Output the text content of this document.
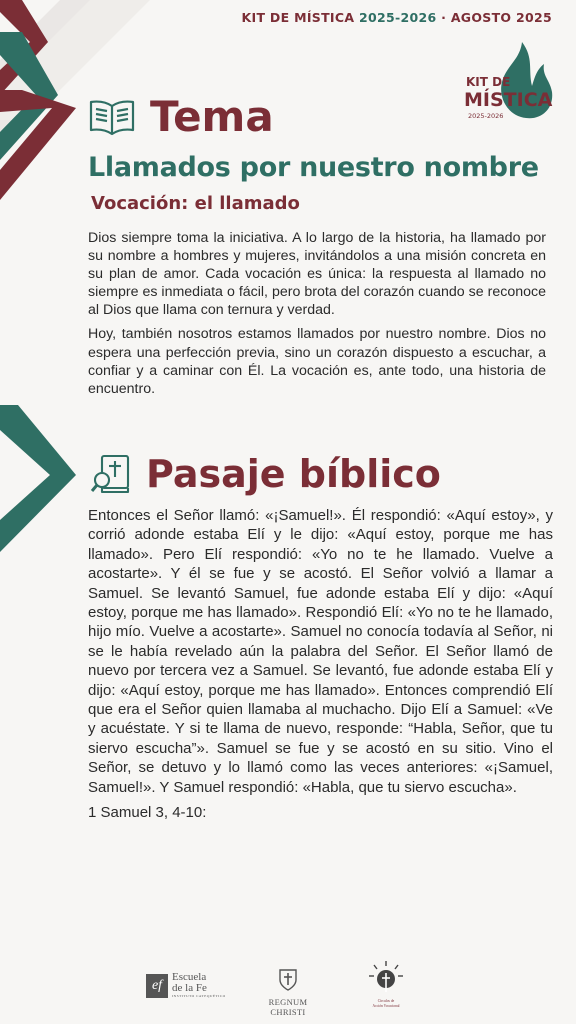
KIT DE MÍSTICA 2025-2026 · AGOSTO 2025
KIT DE
MÍSTICA
2025-2026
Tema
Llamados por nuestro nombre
Vocación: el llamado

Dios siempre toma la iniciativa. A lo largo de la historia, ha llamado por su nombre a hombres y mujeres, invitándolos a una misión concreta en su plan de amor. Cada vocación es única: la respuesta al llamado no siempre es inmediata o fácil, pero brota del corazón cuando se reconoce al Dios que llama con ternura y verdad.

Hoy, también nosotros estamos llamados por nuestro nombre. Dios no espera una perfección previa, sino un corazón dispuesto a escuchar, a confiar y a caminar con Él. La vocación es, ante todo, una historia de encuentro.

Pasaje bíblico

Entonces el Señor llamó: «¡Samuel!». Él respondió: «Aquí estoy», y corrió adonde estaba Elí y le dijo: «Aquí estoy, porque me has llamado». Pero Elí respondió: «Yo no te he llamado. Vuelve a acostarte». Y él se fue y se acostó. El Señor volvió a llamar a Samuel. Se levantó Samuel, fue adonde estaba Elí y dijo: «Aquí estoy, porque me has llamado». Respondió Elí: «Yo no te he llamado, hijo mío. Vuelve a acostarte». Samuel no conocía todavía al Señor, ni se le había revelado aún la palabra del Señor. El Señor llamó de nuevo por tercera vez a Samuel. Se levantó, fue adonde estaba Elí y dijo: «Aquí estoy, porque me has llamado». Entonces comprendió Elí que era el Señor quien llamaba al muchacho. Dijo Elí a Samuel: «Ve y acuéstate. Y si te llama de nuevo, responde: “Habla, Señor, que tu siervo escucha”». Samuel se fue y se acostó en su sitio. Vino el Señor, se detuvo y lo llamó como las veces anteriores: «¡Samuel, Samuel!». Y Samuel respondió: «Habla, que tu siervo escucha».

1 Samuel 3, 4-10:

ef
Escuela
de la Fe
INSTITUTO CATEQUÉTICO
REGNUM CHRISTI
Círculos de
Acción Vocacional
